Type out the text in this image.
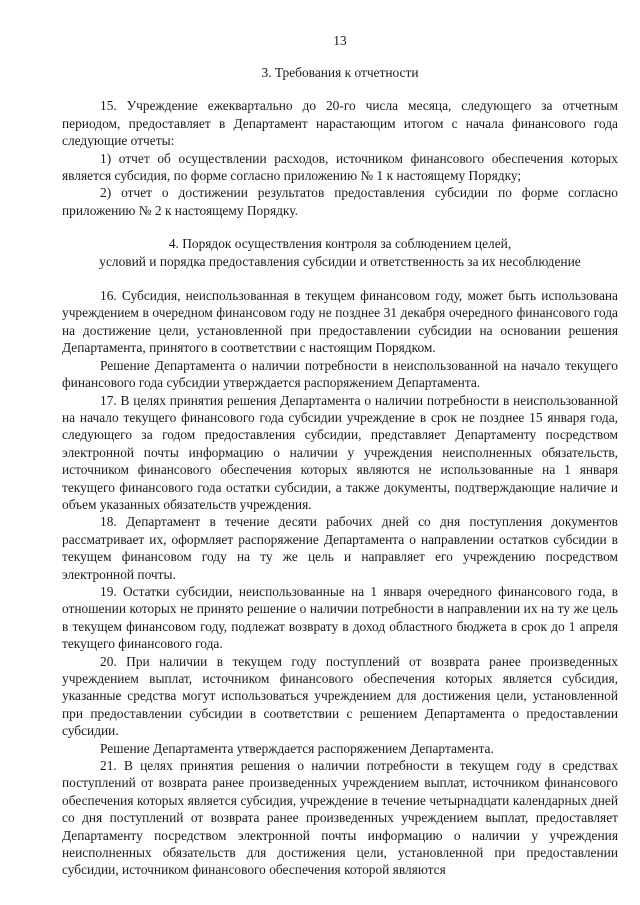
13
3. Требования к отчетности

15. Учреждение ежеквартально до 20-го числа месяца, следующего за отчетным периодом, предоставляет в Департамент нарастающим итогом с начала финансового года следующие отчеты:

1) отчет об осуществлении расходов, источником финансового обеспечения которых является субсидия, по форме согласно приложению № 1 к настоящему Порядку;

2) отчет о достижении результатов предоставления субсидии по форме согласно приложению № 2 к настоящему Порядку.

4. Порядок осуществления контроля за соблюдением целей,
условий и порядка предоставления субсидии и ответственность за их несоблюдение

16. Субсидия, неиспользованная в текущем финансовом году, может быть использована учреждением в очередном финансовом году не позднее 31 декабря очередного финансового года на достижение цели, установленной при предоставлении субсидии на основании решения Департамента, принятого в соответствии с настоящим Порядком.

Решение Департамента о наличии потребности в неиспользованной на начало текущего финансового года субсидии утверждается распоряжением Департамента.

17. В целях принятия решения Департамента о наличии потребности в неиспользованной на начало текущего финансового года субсидии учреждение в срок не позднее 15 января года, следующего за годом предоставления субсидии, представляет Департаменту посредством электронной почты информацию о наличии у учреждения неисполненных обязательств, источником финансового обеспечения которых являются не использованные на 1 января текущего финансового года остатки субсидии, а также документы, подтверждающие наличие и объем указанных обязательств учреждения.

18. Департамент в течение десяти рабочих дней со дня поступления документов рассматривает их, оформляет распоряжение Департамента о направлении остатков субсидии в текущем финансовом году на ту же цель и направляет его учреждению посредством электронной почты.

19. Остатки субсидии, неиспользованные на 1 января очередного финансового года, в отношении которых не принято решение о наличии потребности в направлении их на ту же цель в текущем финансовом году, подлежат возврату в доход областного бюджета в срок до 1 апреля текущего финансового года.

20. При наличии в текущем году поступлений от возврата ранее произведенных учреждением выплат, источником финансового обеспечения которых является субсидия, указанные средства могут использоваться учреждением для достижения цели, установленной при предоставлении субсидии в соответствии с решением Департамента о предоставлении субсидии.

Решение Департамента утверждается распоряжением Департамента.

21. В целях принятия решения о наличии потребности в текущем году в средствах поступлений от возврата ранее произведенных учреждением выплат, источником финансового обеспечения которых является субсидия, учреждение в течение четырнадцати календарных дней со дня поступлений от возврата ранее произведенных учреждением выплат, предоставляет Департаменту посредством электронной почты информацию о наличии у учреждения неисполненных обязательств для достижения цели, установленной при предоставлении субсидии, источником финансового обеспечения которой являются
